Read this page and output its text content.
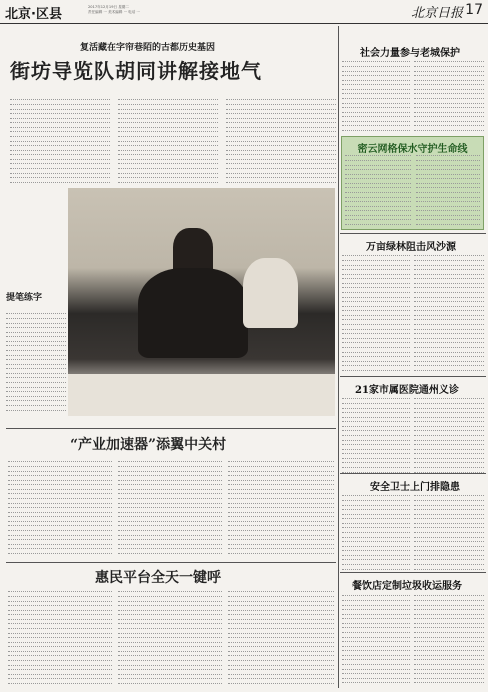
北京·区县	2017年12月19日 星期二
责任编辑 ··· 美术编辑 ··· 电话 ···	北京日报 17
复活藏在字帘巷陌的古都历史基因
街坊导览队胡同讲解接地气
提笔练字
“产业加速器”添翼中关村
惠民平台全天一键呼
社会力量参与老城保护
密云网格保水守护生命线
万亩绿林阻击风沙源
21家市属医院通州义诊
安全卫士上门排隐患
餐饮店定制垃圾收运服务
